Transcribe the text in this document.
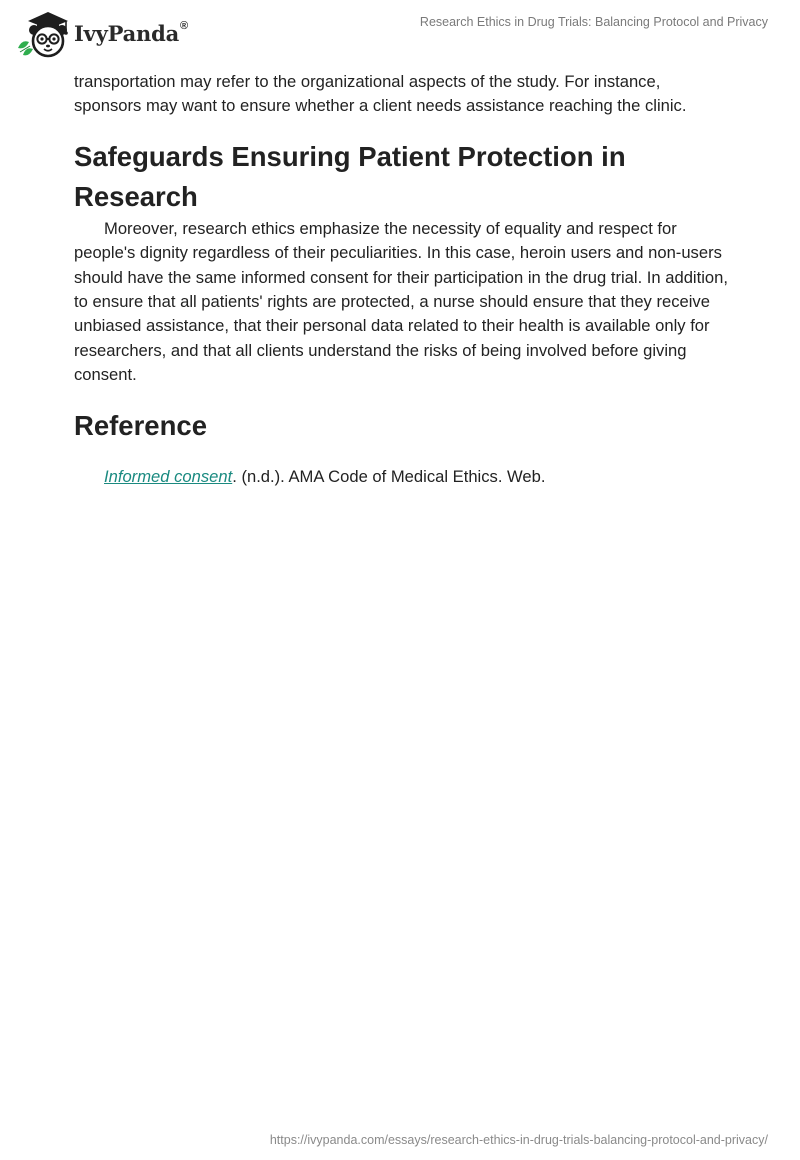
IvyPanda®	Research Ethics in Drug Trials: Balancing Protocol and Privacy

transportation may refer to the organizational aspects of the study. For instance, sponsors may want to ensure whether a client needs assistance reaching the clinic.

Safeguards Ensuring Patient Protection in Research

Moreover, research ethics emphasize the necessity of equality and respect for people's dignity regardless of their peculiarities. In this case, heroin users and non-users should have the same informed consent for their participation in the drug trial. In addition, to ensure that all patients' rights are protected, a nurse should ensure that they receive unbiased assistance, that their personal data related to their health is available only for researchers, and that all clients understand the risks of being involved before giving consent.

Reference
Informed consent. (n.d.). AMA Code of Medical Ethics. Web.
https://ivypanda.com/essays/research-ethics-in-drug-trials-balancing-protocol-and-privacy/
